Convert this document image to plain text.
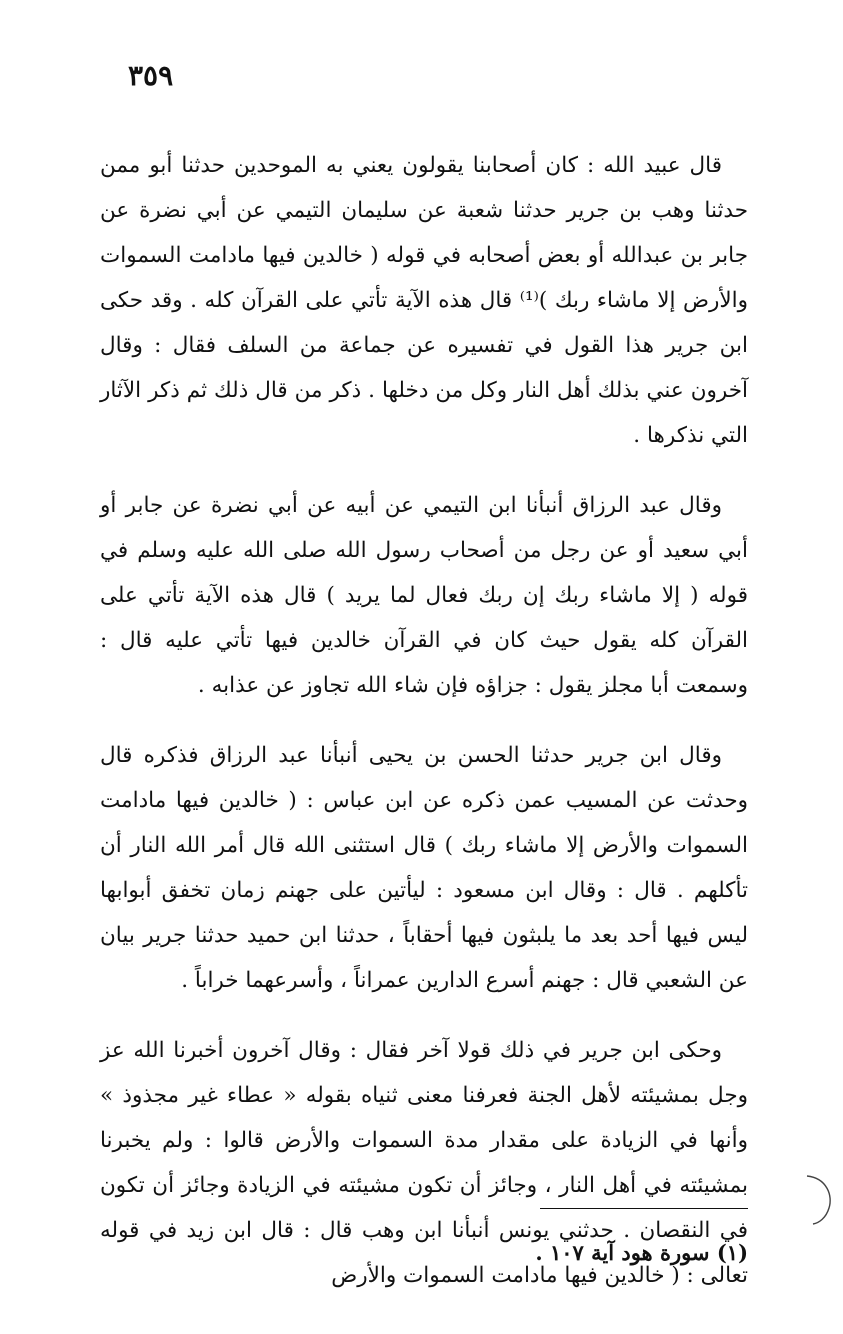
٣٥٩

قال عبيد الله : كان أصحابنا يقولون يعني به الموحدين حدثنا أبو ممن حدثنا وهب بن جرير حدثنا شعبة عن سليمان التيمي عن أبي نضرة عن جابر بن عبدالله أو بعض أصحابه في قوله ( خالدين فيها مادامت السموات والأرض إلا ماشاء ربك )⁽¹⁾ قال هذه الآية تأتي على القرآن كله . وقد حكى ابن جرير هذا القول في تفسيره عن جماعة من السلف فقال : وقال آخرون عني بذلك أهل النار وكل من دخلها . ذكر من قال ذلك ثم ذكر الآثار التي نذكرها .

وقال عبد الرزاق أنبأنا ابن التيمي عن أبيه عن أبي نضرة عن جابر أو أبي سعيد أو عن رجل من أصحاب رسول الله صلى الله عليه وسلم في قوله ( إلا ماشاء ربك إن ربك فعال لما يريد ) قال هذه الآية تأتي على القرآن كله يقول حيث كان في القرآن خالدين فيها تأتي عليه قال : وسمعت أبا مجلز يقول : جزاؤه فإن شاء الله تجاوز عن عذابه .

وقال ابن جرير حدثنا الحسن بن يحيى أنبأنا عبد الرزاق فذكره قال وحدثت عن المسيب عمن ذكره عن ابن عباس : ( خالدين فيها مادامت السموات والأرض إلا ماشاء ربك ) قال استثنى الله قال أمر الله النار أن تأكلهم . قال : وقال ابن مسعود : ليأتين على جهنم زمان تخفق أبوابها ليس فيها أحد بعد ما يلبثون فيها أحقاباً ، حدثنا ابن حميد حدثنا جرير بيان عن الشعبي قال : جهنم أسرع الدارين عمراناً ، وأسرعهما خراباً .

وحكى ابن جرير في ذلك قولا آخر فقال : وقال آخرون أخبرنا الله عز وجل بمشيئته لأهل الجنة فعرفنا معنى ثنياه بقوله « عطاء غير مجذوذ » وأنها في الزيادة على مقدار مدة السموات والأرض قالوا : ولم يخبرنا بمشيئته في أهل النار ، وجائز أن تكون مشيئته في الزيادة وجائز أن تكون في النقصان . حدثني يونس أنبأنا ابن وهب قال : قال ابن زيد في قوله تعالى : ( خالدين فيها مادامت السموات والأرض

(١) سورة هود آية ١٠٧ .
